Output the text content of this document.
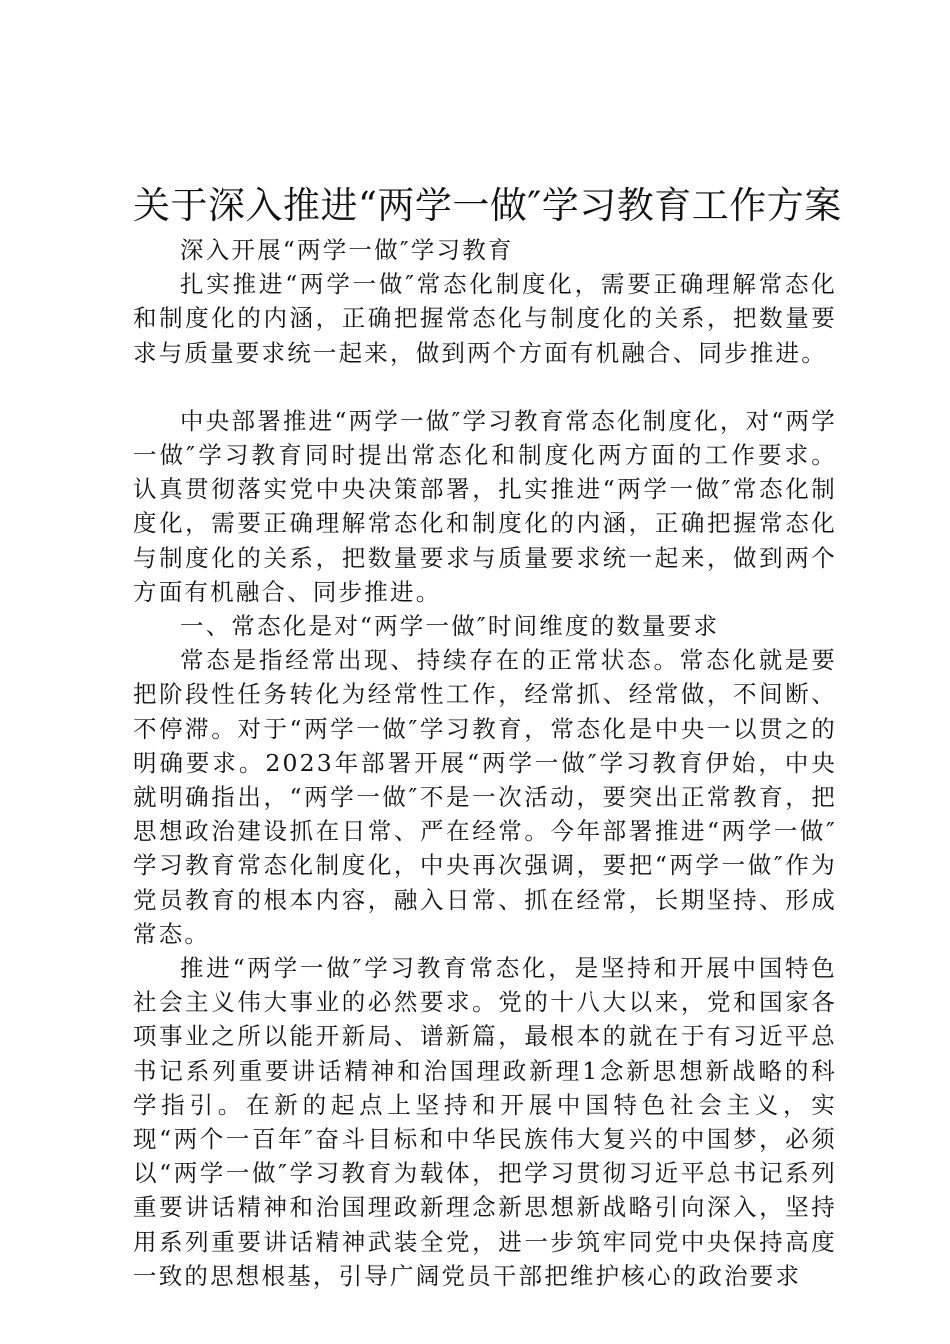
关于深入推进“两学一做″学习教育工作方案

深入开展“两学一做″学习教育

扎实推进“两学一做″常态化制度化，需要正确理解常态化和制度化的内涵，正确把握常态化与制度化的关系，把数量要求与质量要求统一起来，做到两个方面有机融合、同步推进。

中央部署推进“两学一做″学习教育常态化制度化，对“两学一做″学习教育同时提出常态化和制度化两方面的工作要求。认真贯彻落实党中央决策部署，扎实推进“两学一做″常态化制度化，需要正确理解常态化和制度化的内涵，正确把握常态化与制度化的关系，把数量要求与质量要求统一起来，做到两个方面有机融合、同步推进。

一、常态化是对“两学一做″时间维度的数量要求

常态是指经常出现、持续存在的正常状态。常态化就是要把阶段性任务转化为经常性工作，经常抓、经常做，不间断、不停滞。对于“两学一做″学习教育，常态化是中央一以贯之的明确要求。2023年部署开展“两学一做″学习教育伊始，中央就明确指出，“两学一做″不是一次活动，要突出正常教育，把思想政治建设抓在日常、严在经常。今年部署推进“两学一做″学习教育常态化制度化，中央再次强调，要把“两学一做″作为党员教育的根本内容，融入日常、抓在经常，长期坚持、形成常态。

推进“两学一做″学习教育常态化，是坚持和开展中国特色社会主义伟大事业的必然要求。党的十八大以来，党和国家各项事业之所以能开新局、谱新篇，最根本的就在于有习近平总书记系列重要讲话精神和治国理政新理1念新思想新战略的科学指引。在新的起点上坚持和开展中国特色社会主义，实现“两个一百年″奋斗目标和中华民族伟大复兴的中国梦，必须以“两学一做″学习教育为载体，把学习贯彻习近平总书记系列重要讲话精神和治国理政新理念新思想新战略引向深入，坚持用系列重要讲话精神武装全党，进一步筑牢同党中央保持高度一致的思想根基，引导广阔党员干部把维护核心的政治要求
